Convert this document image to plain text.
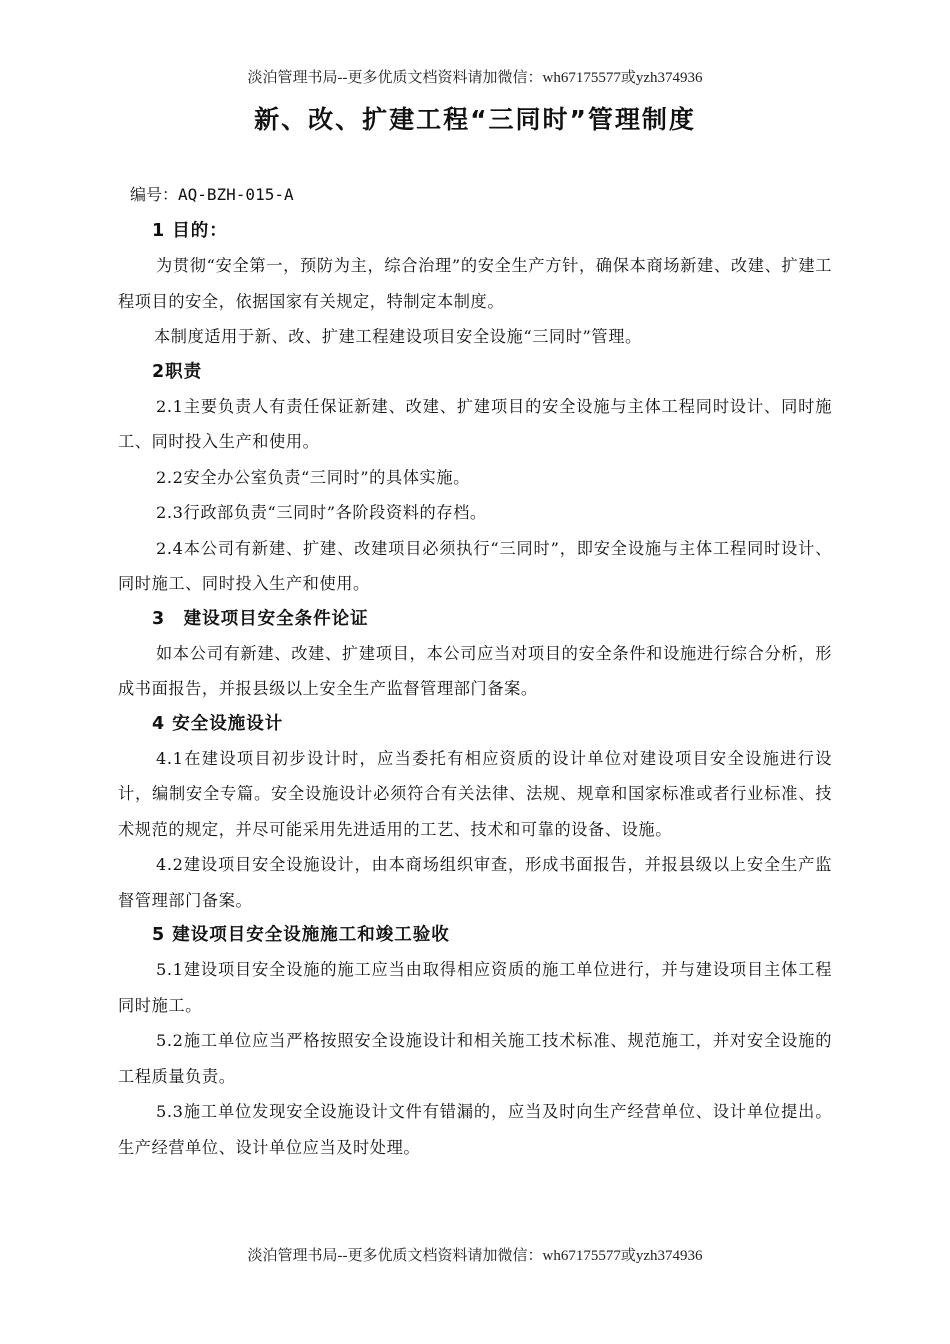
淡泊管理书局--更多优质文档资料请加微信：wh67175577或yzh374936
新、改、扩建工程“三同时”管理制度
编号：AQ-BZH-015-A
1 目的：

为贯彻“安全第一，预防为主，综合治理”的安全生产方针，确保本商场新建、改建、扩建工程项目的安全，依据国家有关规定，特制定本制度。

本制度适用于新、改、扩建工程建设项目安全设施“三同时”管理。

2职责

2.1主要负责人有责任保证新建、改建、扩建项目的安全设施与主体工程同时设计、同时施工、同时投入生产和使用。

2.2安全办公室负责“三同时”的具体实施。

2.3行政部负责“三同时”各阶段资料的存档。

2.4本公司有新建、扩建、改建项目必须执行“三同时”，即安全设施与主体工程同时设计、同时施工、同时投入生产和使用。

3　建设项目安全条件论证

如本公司有新建、改建、扩建项目，本公司应当对项目的安全条件和设施进行综合分析，形成书面报告，并报县级以上安全生产监督管理部门备案。

4 安全设施设计

4.1在建设项目初步设计时，应当委托有相应资质的设计单位对建设项目安全设施进行设计，编制安全专篇。安全设施设计必须符合有关法律、法规、规章和国家标准或者行业标准、技术规范的规定，并尽可能采用先进适用的工艺、技术和可靠的设备、设施。

4.2建设项目安全设施设计，由本商场组织审查，形成书面报告，并报县级以上安全生产监督管理部门备案。

5 建设项目安全设施施工和竣工验收

5.1建设项目安全设施的施工应当由取得相应资质的施工单位进行，并与建设项目主体工程同时施工。

5.2施工单位应当严格按照安全设施设计和相关施工技术标准、规范施工，并对安全设施的工程质量负责。

5.3施工单位发现安全设施设计文件有错漏的，应当及时向生产经营单位、设计单位提出。生产经营单位、设计单位应当及时处理。

淡泊管理书局--更多优质文档资料请加微信：wh67175577或yzh374936
